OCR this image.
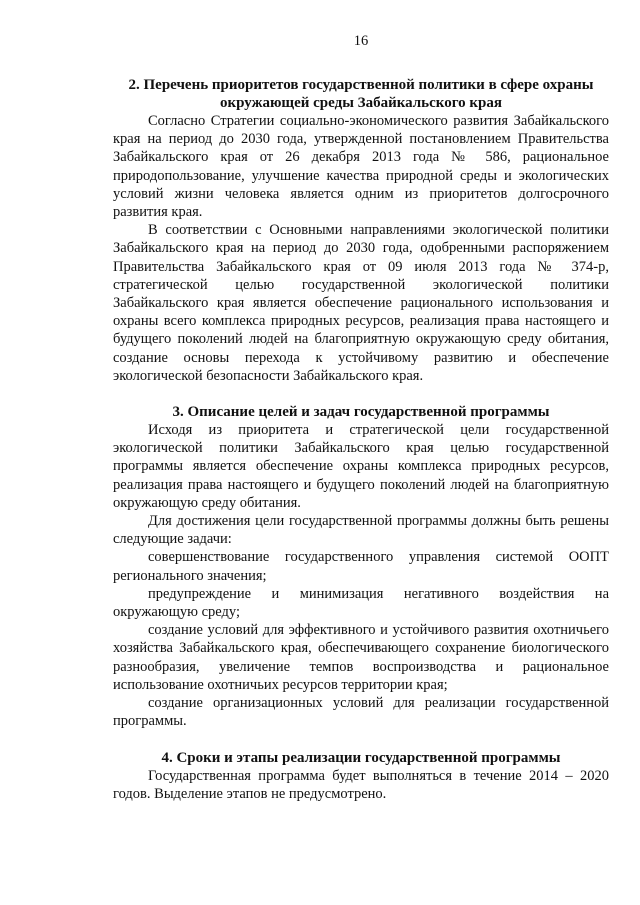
16
2. Перечень приоритетов государственной политики в сфере охраны
окружающей среды Забайкальского края

Согласно Стратегии социально-экономического развития Забайкальского края на период до 2030 года, утвержденной постановлением Правительства Забайкальского края от 26 декабря 2013 года № 586, рациональное природопользование, улучшение качества природной среды и экологических условий жизни человека является одним из приоритетов долгосрочного развития края.

В соответствии с Основными направлениями экологической политики Забайкальского края на период до 2030 года, одобренными распоряжением Правительства Забайкальского края от 09 июля 2013 года № 374-р, стратегической целью государственной экологической политики Забайкальского края является обеспечение рационального использования и охраны всего комплекса природных ресурсов, реализация права настоящего и будущего поколений людей на благоприятную окружающую среду обитания, создание основы перехода к устойчивому развитию и обеспечение экологической безопасности Забайкальского края.

3. Описание целей и задач государственной программы

Исходя из приоритета и стратегической цели государственной экологической политики Забайкальского края целью государственной программы является обеспечение охраны комплекса природных ресурсов, реализация права настоящего и будущего поколений людей на благоприятную окружающую среду обитания.

Для достижения цели государственной программы должны быть решены следующие задачи:

совершенствование государственного управления системой ООПТ регионального значения;

предупреждение и минимизация негативного воздействия на окружающую среду;

создание условий для эффективного и устойчивого развития охотничьего хозяйства Забайкальского края, обеспечивающего сохранение биологического разнообразия, увеличение темпов воспроизводства и рациональное использование охотничьих ресурсов территории края;

создание организационных условий для реализации государственной программы.

4. Сроки и этапы реализации государственной программы

Государственная программа будет выполняться в течение 2014 – 2020 годов. Выделение этапов не предусмотрено.
